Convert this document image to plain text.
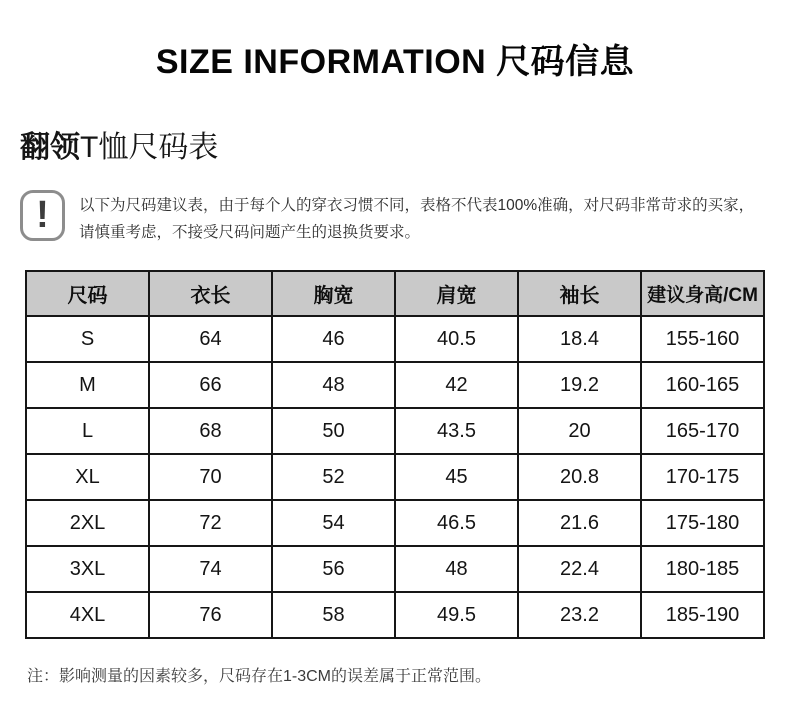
SIZE INFORMATION 尺码信息
翻领T恤尺码表
! 以下为尺码建议表，由于每个人的穿衣习惯不同，表格不代表100%准确，对尺码非常苛求的买家，
请慎重考虑，不接受尺码问题产生的退换货要求。
尺码	衣长	胸宽	肩宽	袖长	建议身高/CM
S	64	46	40.5	18.4	155-160
M	66	48	42	19.2	160-165
L	68	50	43.5	20	165-170
XL	70	52	45	20.8	170-175
2XL	72	54	46.5	21.6	175-180
3XL	74	56	48	22.4	180-185
4XL	76	58	49.5	23.2	185-190
注：影响测量的因素较多，尺码存在1-3CM的误差属于正常范围。
